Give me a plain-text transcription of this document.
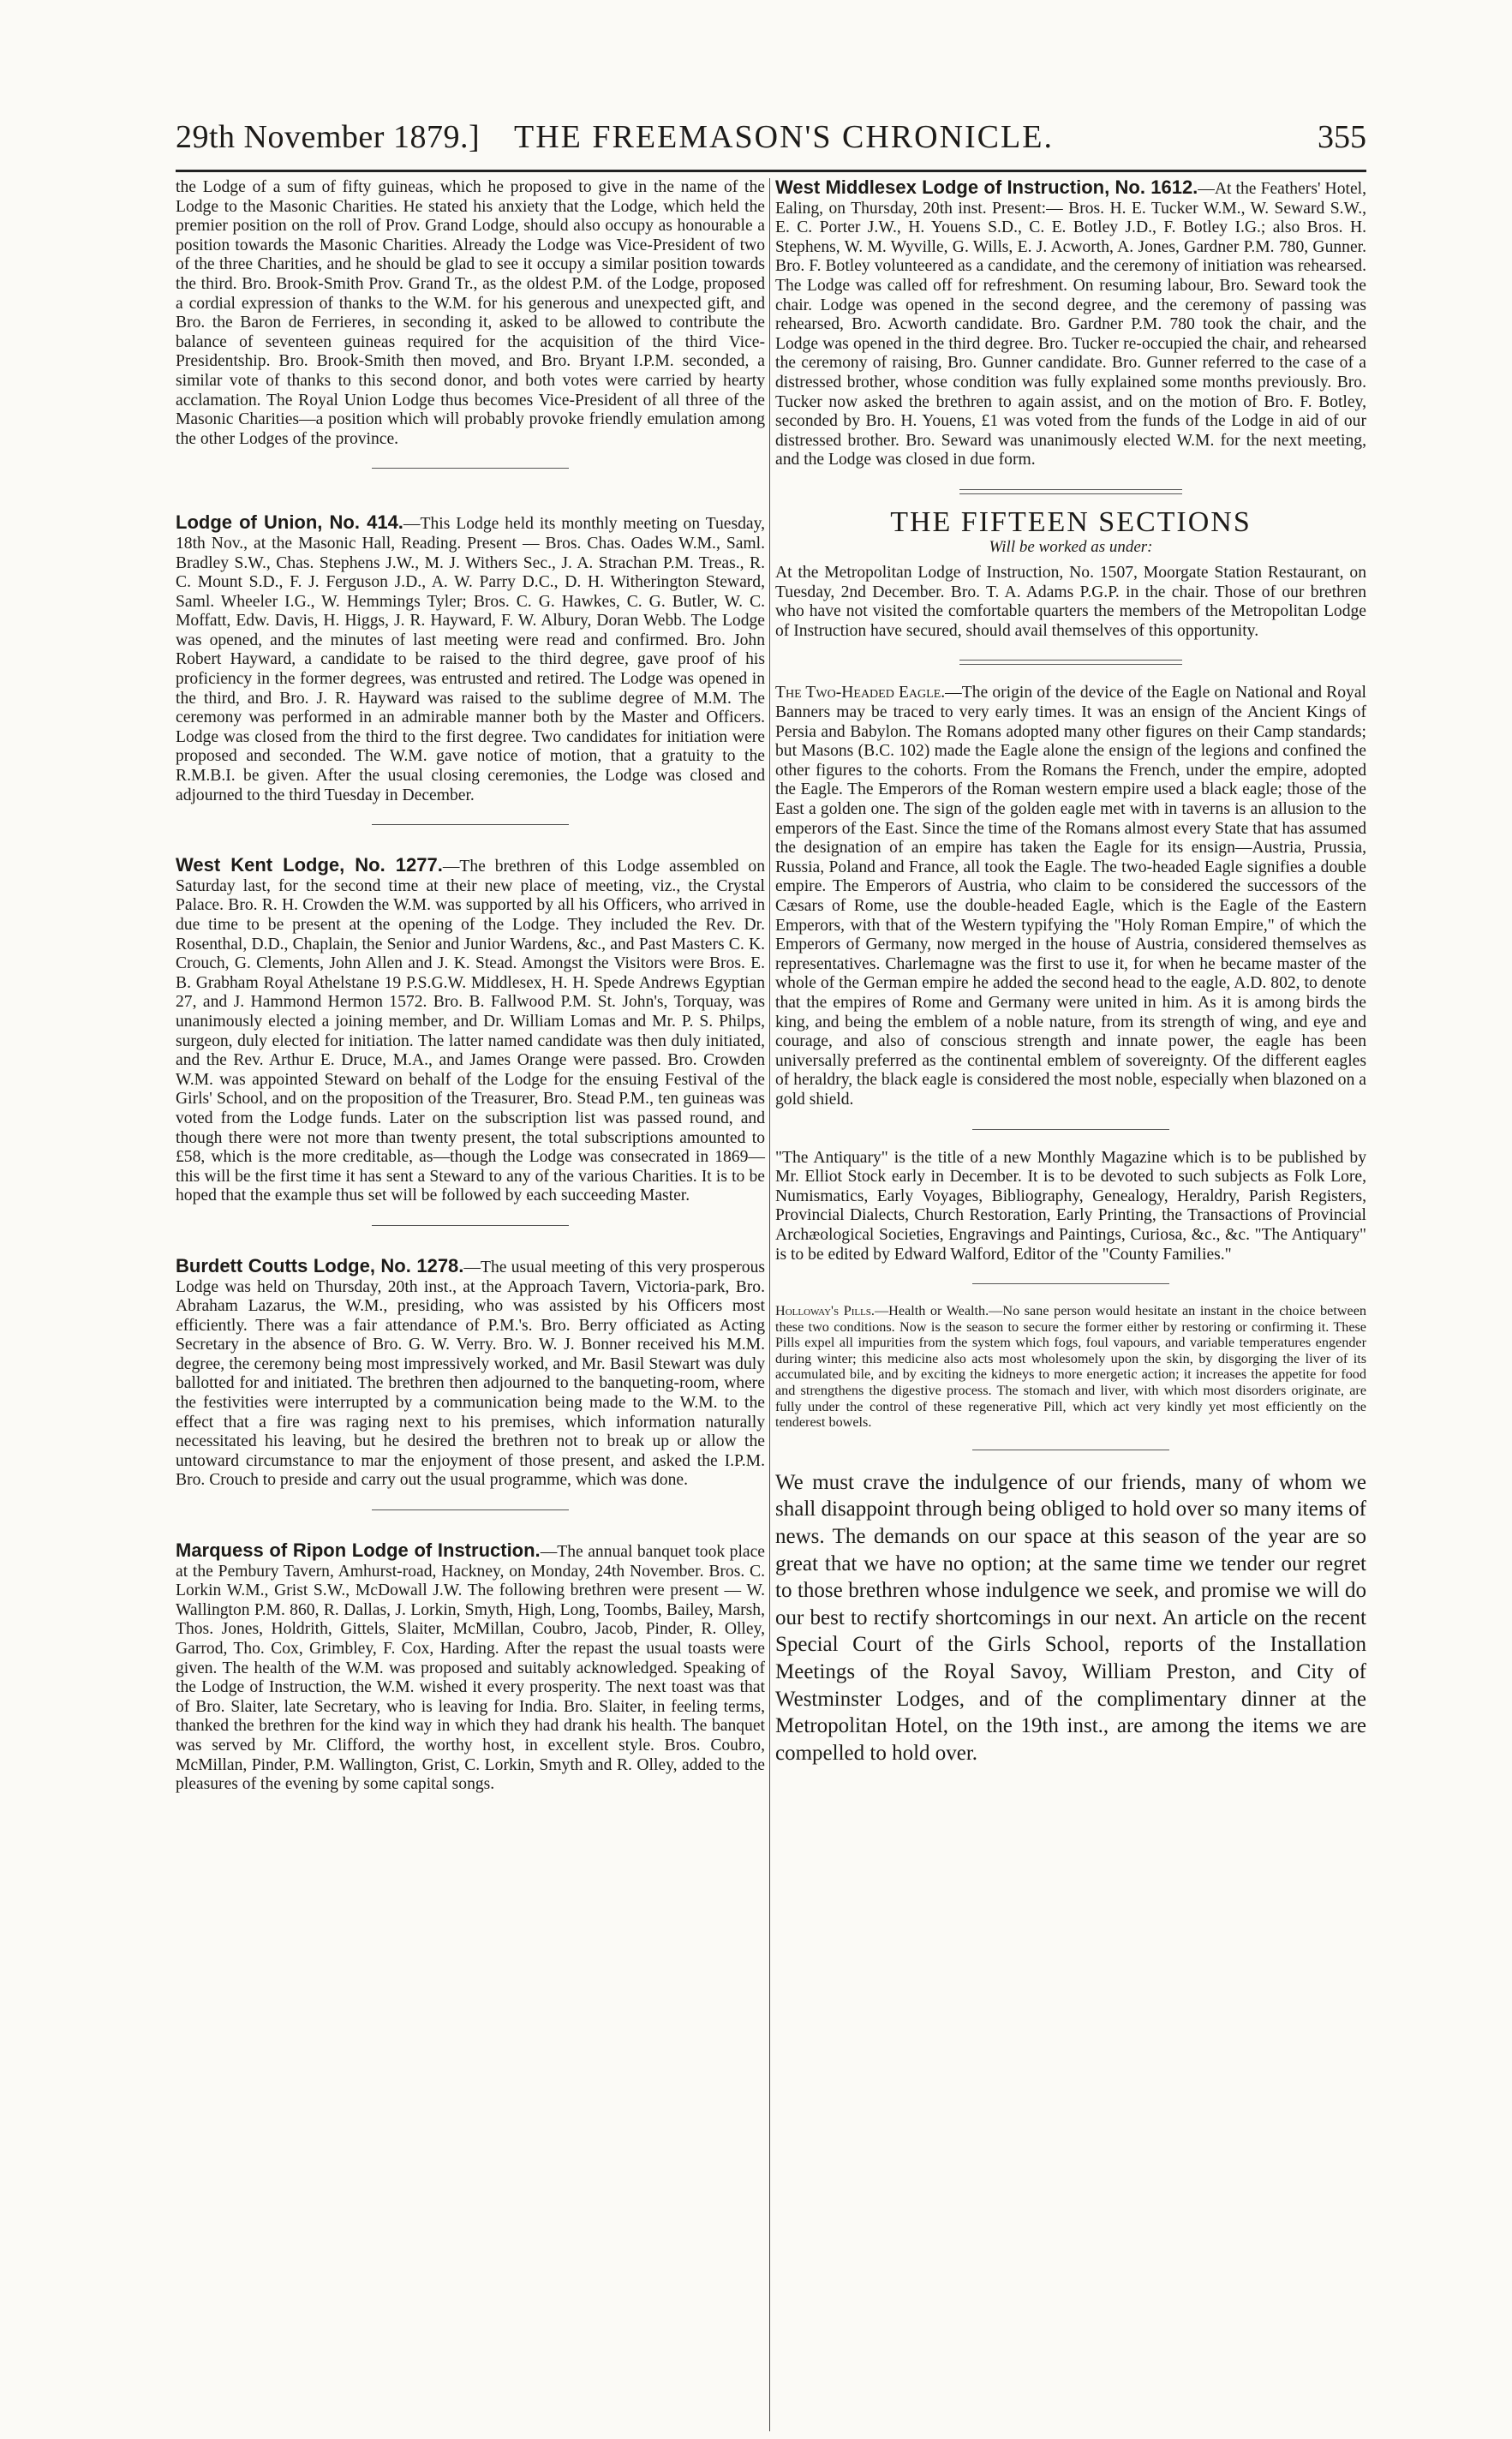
29th November 1879.] THE FREEMASON'S CHRONICLE.	355

the Lodge of a sum of fifty guineas, which he proposed to give in the name of the Lodge to the Masonic Charities. He stated his anxiety that the Lodge, which held the premier position on the roll of Prov. Grand Lodge, should also occupy as honourable a position towards the Masonic Charities. Already the Lodge was Vice-President of two of the three Charities, and he should be glad to see it occupy a similar position towards the third. Bro. Brook-Smith Prov. Grand Tr., as the oldest P.M. of the Lodge, proposed a cordial expression of thanks to the W.M. for his generous and unexpected gift, and Bro. the Baron de Ferrieres, in seconding it, asked to be allowed to contribute the balance of seventeen guineas required for the acquisition of the third Vice-Presidentship. Bro. Brook-Smith then moved, and Bro. Bryant I.P.M. seconded, a similar vote of thanks to this second donor, and both votes were carried by hearty acclamation. The Royal Union Lodge thus becomes Vice-President of all three of the Masonic Charities—a position which will probably provoke friendly emulation among the other Lodges of the province.

Lodge of Union, No. 414.—This Lodge held its monthly meeting on Tuesday, 18th Nov., at the Masonic Hall, Reading. Present — Bros. Chas. Oades W.M., Saml. Bradley S.W., Chas. Stephens J.W., M. J. Withers Sec., J. A. Strachan P.M. Treas., R. C. Mount S.D., F. J. Ferguson J.D., A. W. Parry D.C., D. H. Witherington Steward, Saml. Wheeler I.G., W. Hemmings Tyler; Bros. C. G. Hawkes, C. G. Butler, W. C. Moffatt, Edw. Davis, H. Higgs, J. R. Hayward, F. W. Albury, Doran Webb. The Lodge was opened, and the minutes of last meeting were read and confirmed. Bro. John Robert Hayward, a candidate to be raised to the third degree, gave proof of his proficiency in the former degrees, was entrusted and retired. The Lodge was opened in the third, and Bro. J. R. Hayward was raised to the sublime degree of M.M. The ceremony was performed in an admirable manner both by the Master and Officers. Lodge was closed from the third to the first degree. Two candidates for initiation were proposed and seconded. The W.M. gave notice of motion, that a gratuity to the R.M.B.I. be given. After the usual closing ceremonies, the Lodge was closed and adjourned to the third Tuesday in December.

West Kent Lodge, No. 1277.—The brethren of this Lodge assembled on Saturday last, for the second time at their new place of meeting, viz., the Crystal Palace. Bro. R. H. Crowden the W.M. was supported by all his Officers, who arrived in due time to be present at the opening of the Lodge. They included the Rev. Dr. Rosenthal, D.D., Chaplain, the Senior and Junior Wardens, &c., and Past Masters C. K. Crouch, G. Clements, John Allen and J. K. Stead. Amongst the Visitors were Bros. E. B. Grabham Royal Athelstane 19 P.S.G.W. Middlesex, H. H. Spede Andrews Egyptian 27, and J. Hammond Hermon 1572. Bro. B. Fallwood P.M. St. John's, Torquay, was unanimously elected a joining member, and Dr. William Lomas and Mr. P. S. Philps, surgeon, duly elected for initiation. The latter named candidate was then duly initiated, and the Rev. Arthur E. Druce, M.A., and James Orange were passed. Bro. Crowden W.M. was appointed Steward on behalf of the Lodge for the ensuing Festival of the Girls' School, and on the proposition of the Treasurer, Bro. Stead P.M., ten guineas was voted from the Lodge funds. Later on the subscription list was passed round, and though there were not more than twenty present, the total subscriptions amounted to £58, which is the more creditable, as—though the Lodge was consecrated in 1869—this will be the first time it has sent a Steward to any of the various Charities. It is to be hoped that the example thus set will be followed by each succeeding Master.

Burdett Coutts Lodge, No. 1278.—The usual meeting of this very prosperous Lodge was held on Thursday, 20th inst., at the Approach Tavern, Victoria-park, Bro. Abraham Lazarus, the W.M., presiding, who was assisted by his Officers most efficiently. There was a fair attendance of P.M.'s. Bro. Berry officiated as Acting Secretary in the absence of Bro. G. W. Verry. Bro. W. J. Bonner received his M.M. degree, the ceremony being most impressively worked, and Mr. Basil Stewart was duly ballotted for and initiated. The brethren then adjourned to the banqueting-room, where the festivities were interrupted by a communication being made to the W.M. to the effect that a fire was raging next to his premises, which information naturally necessitated his leaving, but he desired the brethren not to break up or allow the untoward circumstance to mar the enjoyment of those present, and asked the I.P.M. Bro. Crouch to preside and carry out the usual programme, which was done.

Marquess of Ripon Lodge of Instruction.—The annual banquet took place at the Pembury Tavern, Amhurst-road, Hackney, on Monday, 24th November. Bros. C. Lorkin W.M., Grist S.W., McDowall J.W. The following brethren were present — W. Wallington P.M. 860, R. Dallas, J. Lorkin, Smyth, High, Long, Toombs, Bailey, Marsh, Thos. Jones, Holdrith, Gittels, Slaiter, McMillan, Coubro, Jacob, Pinder, R. Olley, Garrod, Tho. Cox, Grimbley, F. Cox, Harding. After the repast the usual toasts were given. The health of the W.M. was proposed and suitably acknowledged. Speaking of the Lodge of Instruction, the W.M. wished it every prosperity. The next toast was that of Bro. Slaiter, late Secretary, who is leaving for India. Bro. Slaiter, in feeling terms, thanked the brethren for the kind way in which they had drank his health. The banquet was served by Mr. Clifford, the worthy host, in excellent style. Bros. Coubro, McMillan, Pinder, P.M. Wallington, Grist, C. Lorkin, Smyth and R. Olley, added to the pleasures of the evening by some capital songs.

West Middlesex Lodge of Instruction, No. 1612.—At the Feathers' Hotel, Ealing, on Thursday, 20th inst. Present:— Bros. H. E. Tucker W.M., W. Seward S.W., E. C. Porter J.W., H. Youens S.D., C. E. Botley J.D., F. Botley I.G.; also Bros. H. Stephens, W. M. Wyville, G. Wills, E. J. Acworth, A. Jones, Gardner P.M. 780, Gunner. Bro. F. Botley volunteered as a candidate, and the ceremony of initiation was rehearsed. The Lodge was called off for refreshment. On resuming labour, Bro. Seward took the chair. Lodge was opened in the second degree, and the ceremony of passing was rehearsed, Bro. Acworth candidate. Bro. Gardner P.M. 780 took the chair, and the Lodge was opened in the third degree. Bro. Tucker re-occupied the chair, and rehearsed the ceremony of raising, Bro. Gunner candidate. Bro. Gunner referred to the case of a distressed brother, whose condition was fully explained some months previously. Bro. Tucker now asked the brethren to again assist, and on the motion of Bro. F. Botley, seconded by Bro. H. Youens, £1 was voted from the funds of the Lodge in aid of our distressed brother. Bro. Seward was unanimously elected W.M. for the next meeting, and the Lodge was closed in due form.

THE FIFTEEN SECTIONS
Will be worked as under:

At the Metropolitan Lodge of Instruction, No. 1507, Moorgate Station Restaurant, on Tuesday, 2nd December. Bro. T. A. Adams P.G.P. in the chair. Those of our brethren who have not visited the comfortable quarters the members of the Metropolitan Lodge of Instruction have secured, should avail themselves of this opportunity.

The Two-Headed Eagle.—The origin of the device of the Eagle on National and Royal Banners may be traced to very early times. It was an ensign of the Ancient Kings of Persia and Babylon. The Romans adopted many other figures on their Camp standards; but Masons (B.C. 102) made the Eagle alone the ensign of the legions and confined the other figures to the cohorts. From the Romans the French, under the empire, adopted the Eagle. The Emperors of the Roman western empire used a black eagle; those of the East a golden one. The sign of the golden eagle met with in taverns is an allusion to the emperors of the East. Since the time of the Romans almost every State that has assumed the designation of an empire has taken the Eagle for its ensign—Austria, Prussia, Russia, Poland and France, all took the Eagle. The two-headed Eagle signifies a double empire. The Emperors of Austria, who claim to be considered the successors of the Cæsars of Rome, use the double-headed Eagle, which is the Eagle of the Eastern Emperors, with that of the Western typifying the "Holy Roman Empire," of which the Emperors of Germany, now merged in the house of Austria, considered themselves as representatives. Charlemagne was the first to use it, for when he became master of the whole of the German empire he added the second head to the eagle, A.D. 802, to denote that the empires of Rome and Germany were united in him. As it is among birds the king, and being the emblem of a noble nature, from its strength of wing, and eye and courage, and also of conscious strength and innate power, the eagle has been universally preferred as the continental emblem of sovereignty. Of the different eagles of heraldry, the black eagle is considered the most noble, especially when blazoned on a gold shield.

"The Antiquary" is the title of a new Monthly Magazine which is to be published by Mr. Elliot Stock early in December. It is to be devoted to such subjects as Folk Lore, Numismatics, Early Voyages, Bibliography, Genealogy, Heraldry, Parish Registers, Provincial Dialects, Church Restoration, Early Printing, the Transactions of Provincial Archæological Societies, Engravings and Paintings, Curiosa, &c., &c. "The Antiquary" is to be edited by Edward Walford, Editor of the "County Families."

Holloway's Pills.—Health or Wealth.—No sane person would hesitate an instant in the choice between these two conditions. Now is the season to secure the former either by restoring or confirming it. These Pills expel all impurities from the system which fogs, foul vapours, and variable temperatures engender during winter; this medicine also acts most wholesomely upon the skin, by disgorging the liver of its accumulated bile, and by exciting the kidneys to more energetic action; it increases the appetite for food and strengthens the digestive process. The stomach and liver, with which most disorders originate, are fully under the control of these regenerative Pill, which act very kindly yet most efficiently on the tenderest bowels.

We must crave the indulgence of our friends, many of whom we shall disappoint through being obliged to hold over so many items of news. The demands on our space at this season of the year are so great that we have no option; at the same time we tender our regret to those brethren whose indulgence we seek, and promise we will do our best to rectify shortcomings in our next. An article on the recent Special Court of the Girls School, reports of the Installation Meetings of the Royal Savoy, William Preston, and City of Westminster Lodges, and of the complimentary dinner at the Metropolitan Hotel, on the 19th inst., are among the items we are compelled to hold over.
